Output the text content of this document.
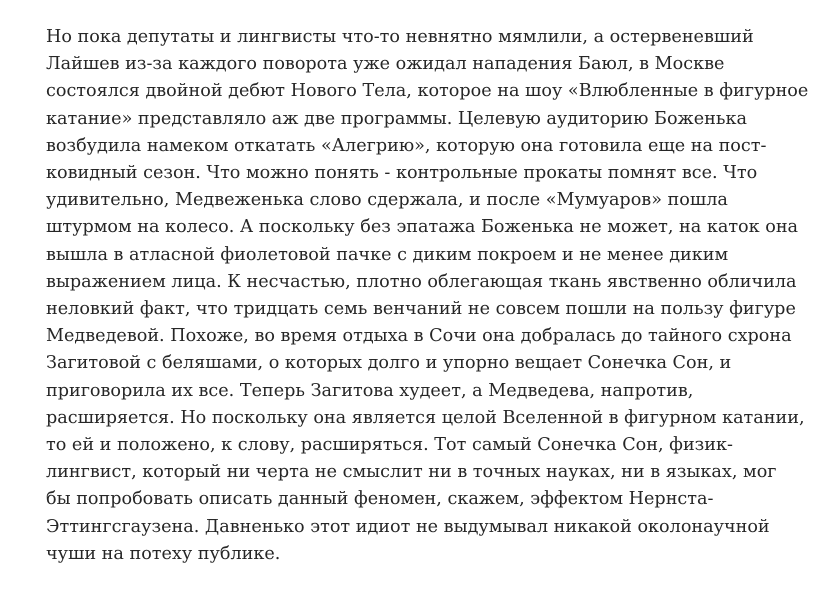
Но пока депутаты и лингвисты что-то невнятно мямлили, а остервеневший
Лайшев из-за каждого поворота уже ожидал нападения Баюл, в Москве
состоялся двойной дебют Нового Тела, которое на шоу «Влюбленные в фигурное
катание» представляло аж две программы. Целевую аудиторию Боженька
возбудила намеком откатать «Алегрию», которую она готовила еще на пост-
ковидный сезон. Что можно понять - контрольные прокаты помнят все. Что
удивительно, Медвеженька слово сдержала, и после «Мумуаров» пошла
штурмом на колесо. А поскольку без эпатажа Боженька не может, на каток она
вышла в атласной фиолетовой пачке с диким покроем и не менее диким
выражением лица. К несчастью, плотно облегающая ткань явственно обличила
неловкий факт, что тридцать семь венчаний не совсем пошли на пользу фигуре
Медведевой. Похоже, во время отдыха в Сочи она добралась до тайного схрона
Загитовой с беляшами, о которых долго и упорно вещает Сонечка Сон, и
приговорила их все. Теперь Загитова худеет, а Медведева, напротив,
расширяется. Но поскольку она является целой Вселенной в фигурном катании,
то ей и положено, к слову, расширяться. Тот самый Сонечка Сон, физик-
лингвист, который ни черта не смыслит ни в точных науках, ни в языках, мог
бы попробовать описать данный феномен, скажем, эффектом Нернста-
Эттингсгаузена. Давненько этот идиот не выдумывал никакой околонаучной
чуши на потеху публике.
